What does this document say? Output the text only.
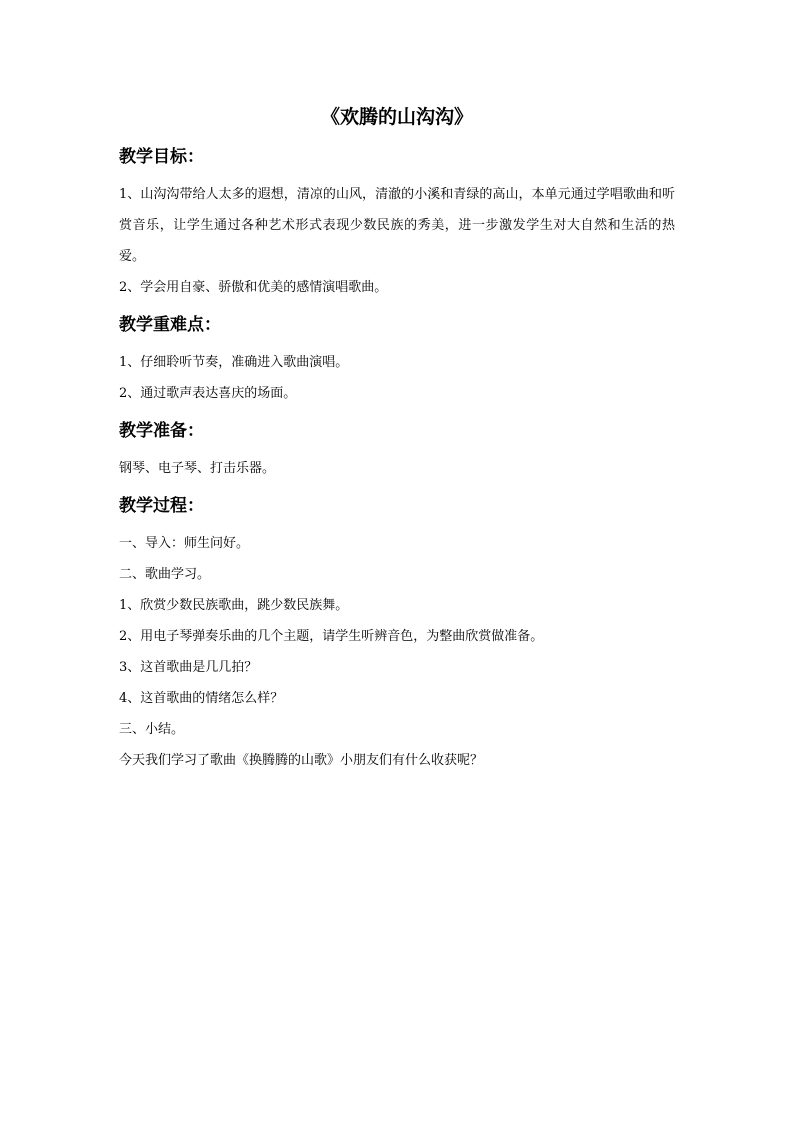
《欢腾的山沟沟》
教学目标：

1、山沟沟带给人太多的遐想，清凉的山风，清澈的小溪和青绿的高山，本单元通过学唱歌曲和听赏音乐，让学生通过各种艺术形式表现少数民族的秀美，进一步激发学生对大自然和生活的热爱。

2、学会用自豪、骄傲和优美的感情演唱歌曲。

教学重难点：

1、仔细聆听节奏，准确进入歌曲演唱。

2、通过歌声表达喜庆的场面。

教学准备：

钢琴、电子琴、打击乐器。

教学过程：

一、导入：师生问好。

二、歌曲学习。

1、欣赏少数民族歌曲，跳少数民族舞。

2、用电子琴弹奏乐曲的几个主题，请学生听辨音色，为整曲欣赏做准备。

3、这首歌曲是几几拍？

4、这首歌曲的情绪怎么样？

三、小结。

今天我们学习了歌曲《换腾腾的山歌》小朋友们有什么收获呢？
